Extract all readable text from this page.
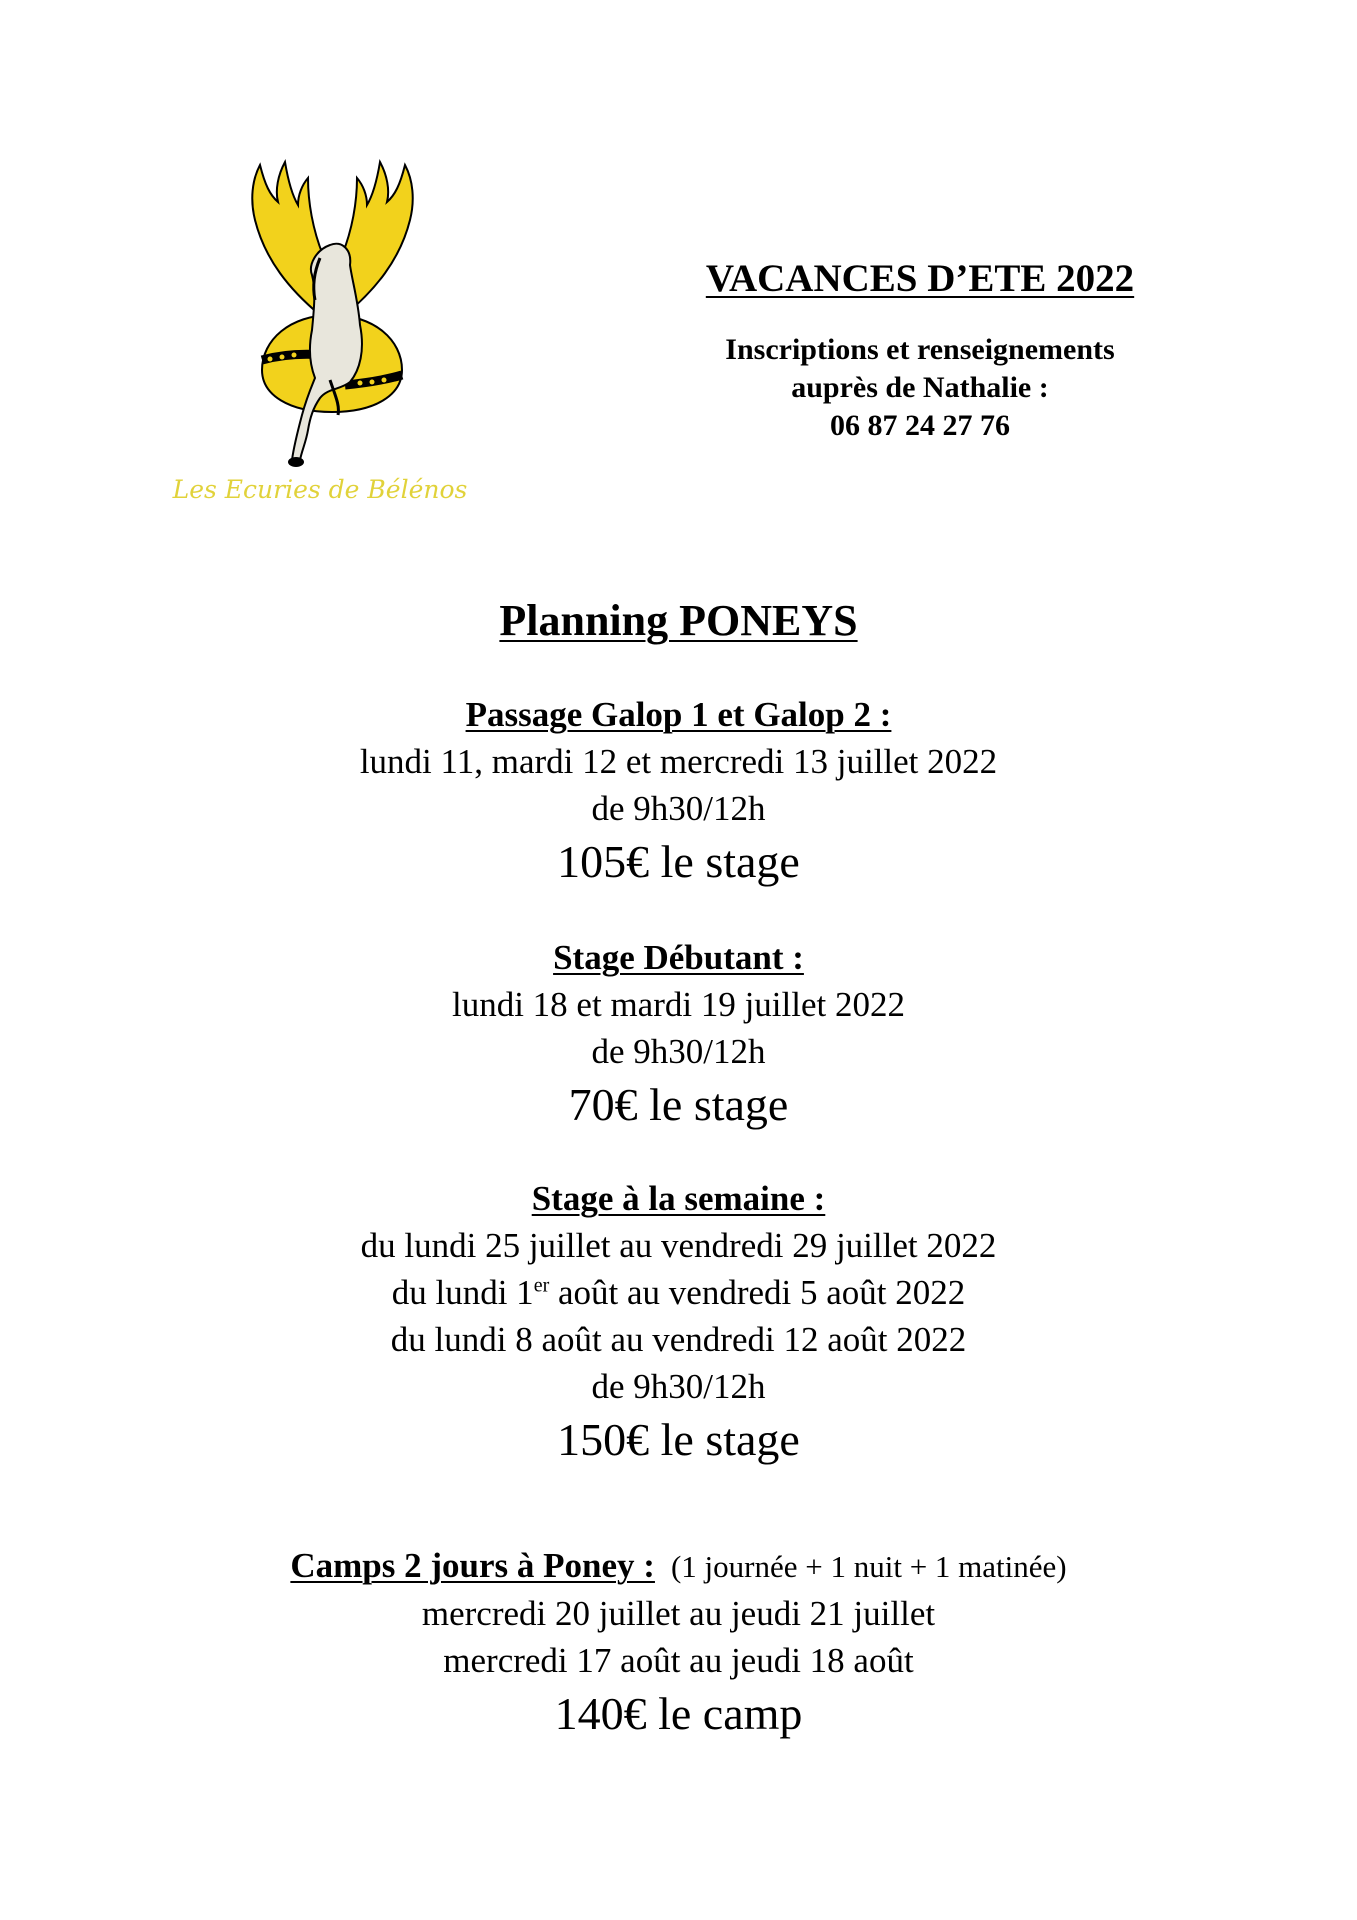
Les Ecuries de Bélénos
VACANCES D’ETE 2022
Inscriptions et renseignements
auprès de Nathalie :
06 87 24 27 76
Planning PONEYS
Passage Galop 1 et Galop 2 :
lundi 11, mardi 12 et mercredi 13 juillet 2022
de 9h30/12h
105€ le stage
Stage Débutant :
lundi 18 et mardi 19 juillet 2022
de 9h30/12h
70€ le stage
Stage à la semaine :
du lundi 25 juillet au vendredi 29 juillet 2022
du lundi 1er août au vendredi 5 août 2022
du lundi 8 août au vendredi 12 août 2022
de 9h30/12h
150€ le stage
Camps 2 jours à Poney : (1 journée + 1 nuit + 1 matinée)
mercredi 20 juillet au jeudi 21 juillet
mercredi 17 août au jeudi 18 août
140€ le camp
